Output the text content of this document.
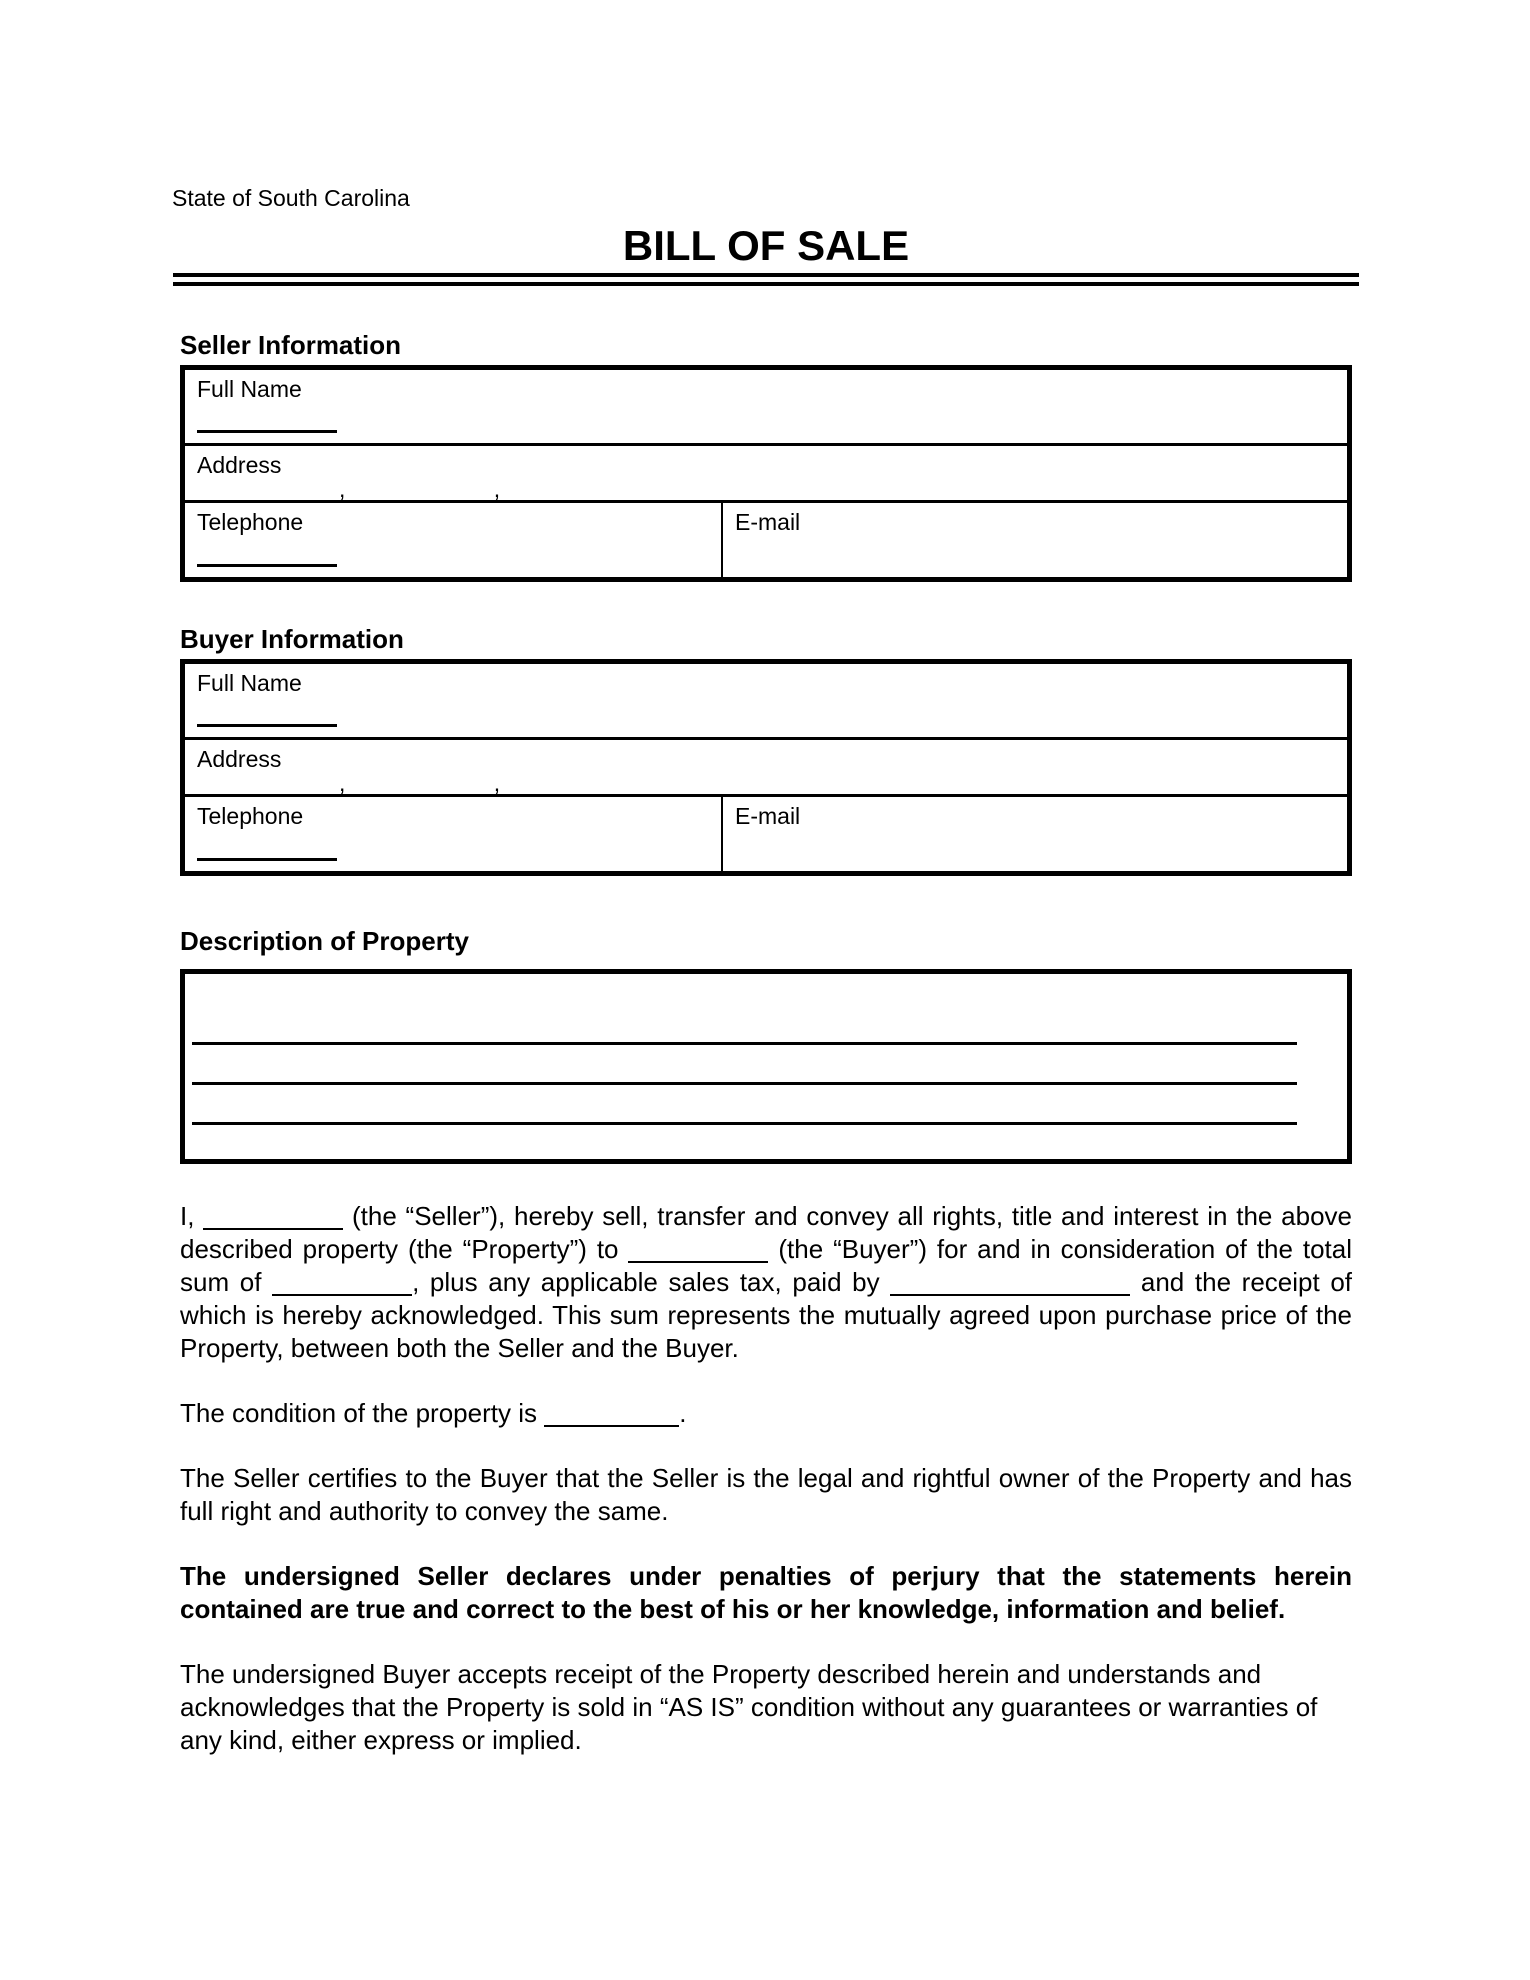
State of South Carolina
BILL OF SALE
Seller Information
Full Name
Address
,	,
Telephone	E-mail
Buyer Information
Full Name
Address
,	,
Telephone	E-mail
Description of Property

I,	(the “Seller”), hereby sell, transfer and convey all rights, title and interest in the above described property (the “Property”) to	(the “Buyer”) for and in consideration of the total sum of	, plus any applicable sales tax, paid by	and the receipt of which is hereby acknowledged. This sum represents the mutually agreed upon purchase price of the Property, between both the Seller and the Buyer.

The condition of the property is	.

The Seller certifies to the Buyer that the Seller is the legal and rightful owner of the Property and has full right and authority to convey the same.

The undersigned Seller declares under penalties of perjury that the statements herein contained are true and correct to the best of his or her knowledge, information and belief.

The undersigned Buyer accepts receipt of the Property described herein and understands and acknowledges that the Property is sold in “AS IS” condition without any guarantees or warranties of any kind, either express or implied.
